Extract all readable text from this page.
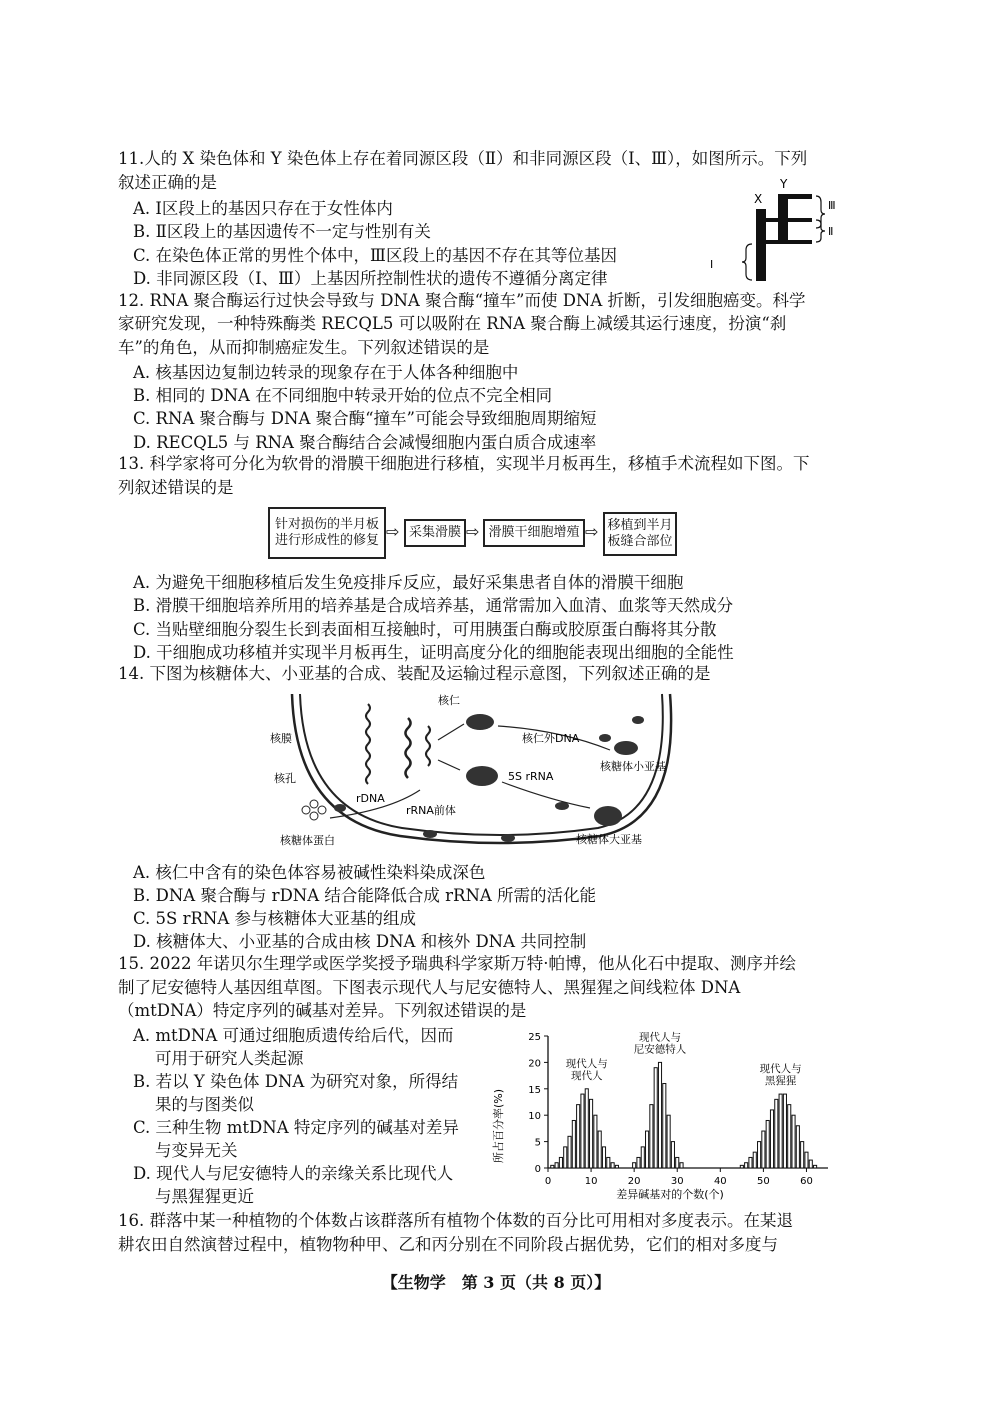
11.人的 X 染色体和 Y 染色体上存在着同源区段（Ⅱ）和非同源区段（Ⅰ、Ⅲ），如图所示。下列
叙述正确的是
A. Ⅰ区段上的基因只存在于女性体内
B. Ⅱ区段上的基因遗传不一定与性别有关
C. 在染色体正常的男性个体中，Ⅲ区段上的基因不存在其等位基因
D. 非同源区段（Ⅰ、Ⅲ）上基因所控制性状的遗传不遵循分离定律
X
Y
Ⅲ
Ⅱ
Ⅰ
12. RNA 聚合酶运行过快会导致与 DNA 聚合酶“撞车”而使 DNA 折断，引发细胞癌变。科学
家研究发现，一种特殊酶类 RECQL5 可以吸附在 RNA 聚合酶上减缓其运行速度，扮演“刹
车”的角色，从而抑制癌症发生。下列叙述错误的是
A. 核基因边复制边转录的现象存在于人体各种细胞中
B. 相同的 DNA 在不同细胞中转录开始的位点不完全相同
C. RNA 聚合酶与 DNA 聚合酶“撞车”可能会导致细胞周期缩短
D. RECQL5 与 RNA 聚合酶结合会减慢细胞内蛋白质合成速率
13. 科学家将可分化为软骨的滑膜干细胞进行移植，实现半月板再生，移植手术流程如下图。下
列叙述错误的是
针对损伤的半月板进行形成性的修复 ⇨ 采集滑膜 ⇨ 滑膜干细胞增殖 ⇨ 移植到半月板缝合部位
A. 为避免干细胞移植后发生免疫排斥反应，最好采集患者自体的滑膜干细胞
B. 滑膜干细胞培养所用的培养基是合成培养基，通常需加入血清、血浆等天然成分
C. 当贴壁细胞分裂生长到表面相互接触时，可用胰蛋白酶或胶原蛋白酶将其分散
D. 干细胞成功移植并实现半月板再生，证明高度分化的细胞能表现出细胞的全能性
14. 下图为核糖体大、小亚基的合成、装配及运输过程示意图，下列叙述正确的是
核仁
核膜
核孔
rDNA
rRNA前体
核仁外DNA
5S rRNA
核糖体小亚基
核糖体大亚基
核糖体蛋白
A. 核仁中含有的染色体容易被碱性染料染成深色
B. DNA 聚合酶与 rDNA 结合能降低合成 rRNA 所需的活化能
C. 5S rRNA 参与核糖体大亚基的组成
D. 核糖体大、小亚基的合成由核 DNA 和核外 DNA 共同控制
15. 2022 年诺贝尔生理学或医学奖授予瑞典科学家斯万特·帕博，他从化石中提取、测序并绘
制了尼安德特人基因组草图。下图表示现代人与尼安德特人、黑猩猩之间线粒体 DNA
（mtDNA）特定序列的碱基对差异。下列叙述错误的是
A. mtDNA 可通过细胞质遗传给后代，因而
可用于研究人类起源
B. 若以 Y 染色体 DNA 为研究对象，所得结
果的与图类似
C. 三种生物 mtDNA 特定序列的碱基对差异
与变异无关
D. 现代人与尼安德特人的亲缘关系比现代人
与黑猩猩更近
0
5
10
15
20
25
0	10	20	30	40	50	60
现代人与
现代人
现代人与
尼安德特人
现代人与
黑猩猩
所占百分率(%)
差异碱基对的个数(个)
16. 群落中某一种植物的个体数占该群落所有植物个体数的百分比可用相对多度表示。在某退
耕农田自然演替过程中，植物物种甲、乙和丙分别在不同阶段占据优势，它们的相对多度与
【生物学　第 3 页（共 8 页）】
